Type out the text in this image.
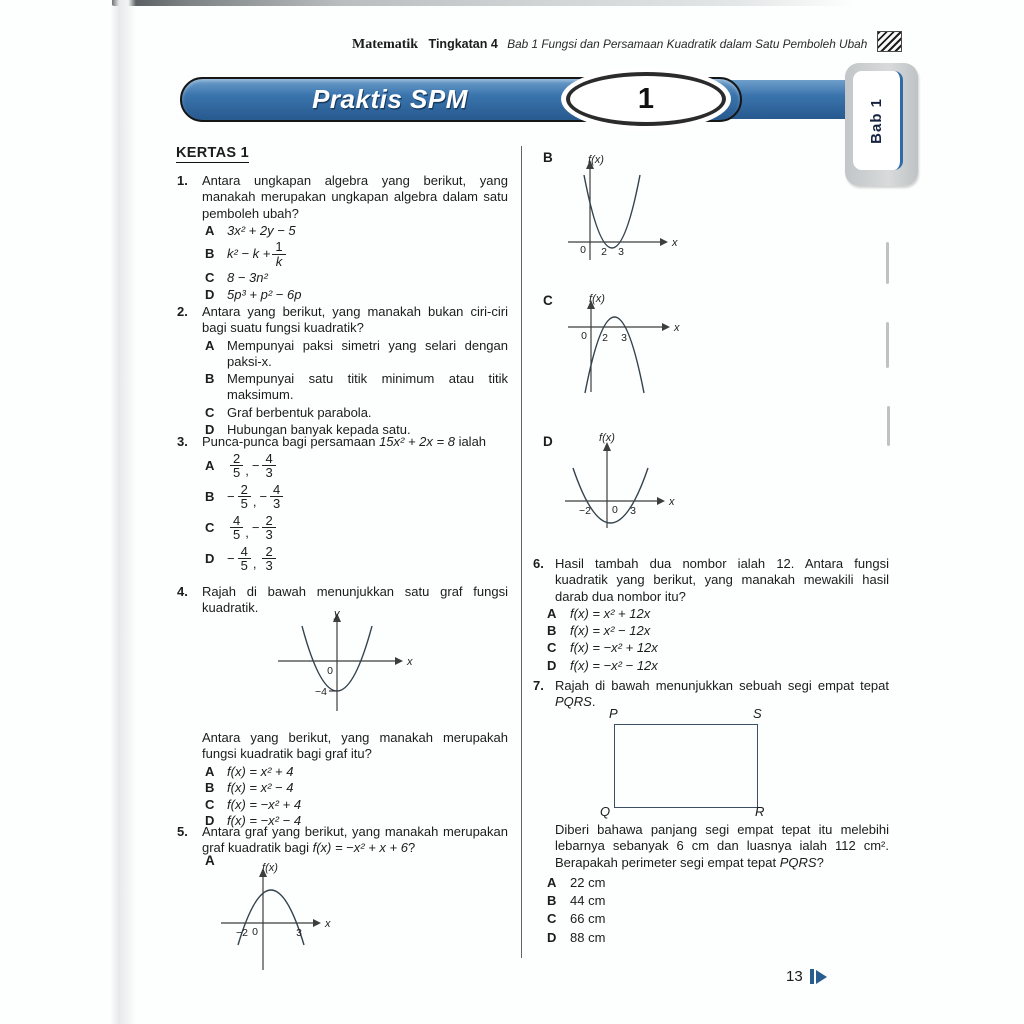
Matematik Tingkatan 4 Bab 1 Fungsi dan Persamaan Kuadratik dalam Satu Pemboleh Ubah
Praktis SPM	1	Bab 1
KERTAS 1
1.	Antara ungkapan algebra yang berikut, yang manakah merupakan ungkapan algebra dalam satu pemboleh ubah?
A 3x² + 2y − 5
B $k^2 - k + \frac{1}{k}$
C 8 − 3n²
D 5p³ + p² − 6p
2.	Antara yang berikut, yang manakah bukan ciri-ciri bagi suatu fungsi kuadratik?
A Mempunyai paksi simetri yang selari dengan paksi-x.
B Mempunyai satu titik minimum atau titik maksimum.
C Graf berbentuk parabola.
D Hubungan banyak kepada satu.
3.	Punca-punca bagi persamaan 15x² + 2x = 8 ialah
A	$\frac{2}{5}$ , − $\frac{4}{3}$
$B - \frac{2}{5}$ , − $\frac{4}{3}$
C	$\frac{4}{5}$ , − $\frac{2}{3}$
$D - \frac{4}{5}$ , $\frac{2}{3}$
4.	Rajah di bawah menunjukkan satu graf fungsi kuadratik.	y
x
0
−4
Antara yang berikut, yang manakah merupakah fungsi kuadratik bagi graf itu?
A f(x) = x² + 4
B f(x) = x² − 4
C f(x) = −x² + 4
D f(x) = −x² − 4
5.	Antara graf yang berikut, yang manakah merupakan graf kuadratik bagi f(x) = −x² + x + 6?
A	f(x)
x
−2 0	3
B	f(x)
x
0 2 3
C	f(x)
x
0 2 3
D	f(x)
x
−2 0 3
6. Hasil tambah dua nombor ialah 12. Antara fungsi kuadratik yang berikut, yang manakah mewakili hasil darab dua nombor itu?
A	f(x) = x² + 12x
B	f(x) = x² − 12x
C	f(x) = −x² + 12x
D	f(x) = −x² − 12x
7. Rajah di bawah menunjukkan sebuah segi empat tepat PQRS.
P	S
Q	R
Diberi bahawa panjang segi empat tepat itu melebihi lebarnya sebanyak 6 cm dan luasnya ialah 112 cm². Berapakah perimeter segi empat tepat PQRS?
A	22 cm
B	44 cm
C	66 cm
D	88 cm
13
